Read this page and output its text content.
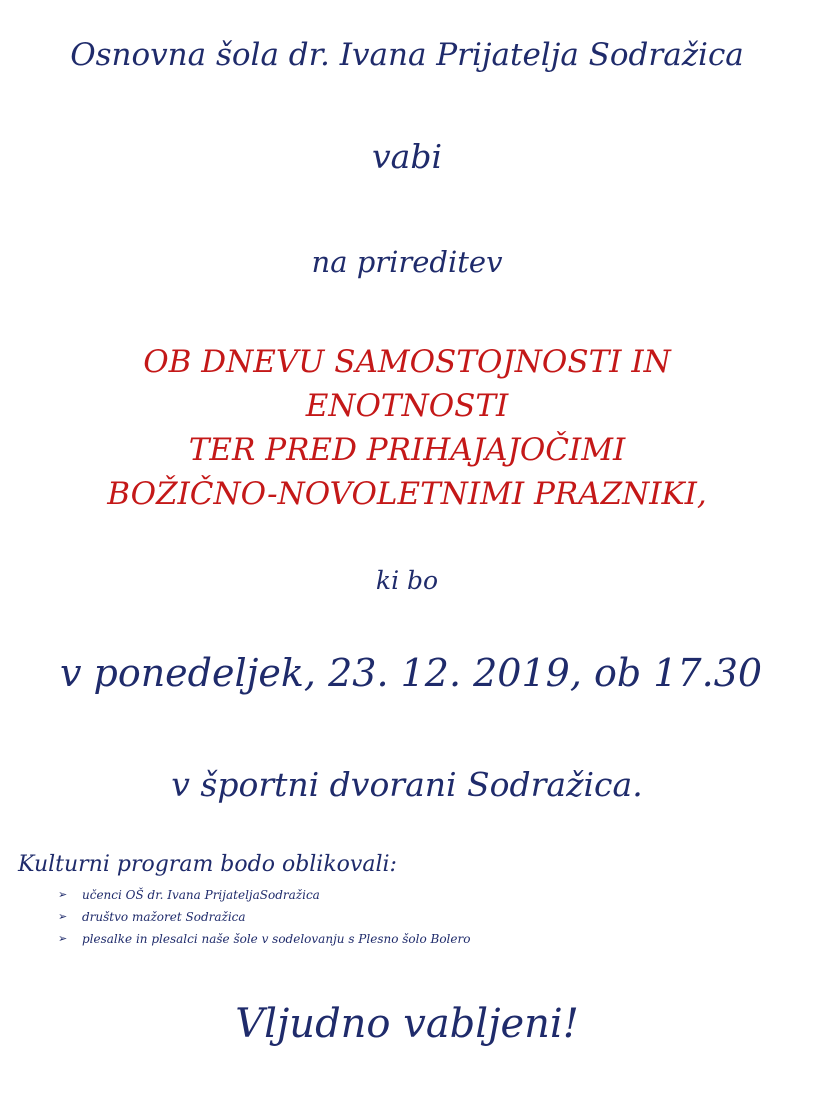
Osnovna šola dr. Ivana Prijatelja Sodražica

vabi

na prireditev

OB DNEVU SAMOSTOJNOSTI IN
ENOTNOSTI
TER PRED PRIHAJAJOČIMI
BOŽIČNO-NOVOLETNIMI PRAZNIKI,

ki bo

v ponedeljek, 23. 12. 2019, ob 17.30

v športni dvorani Sodražica.

Kulturni program bodo oblikovali:

➢	učenci OŠ dr. Ivana PrijateljaSodražica
➢	društvo mažoret Sodražica
➢	plesalke in plesalci naše šole v sodelovanju s Plesno šolo Bolero

Vljudno vabljeni!
